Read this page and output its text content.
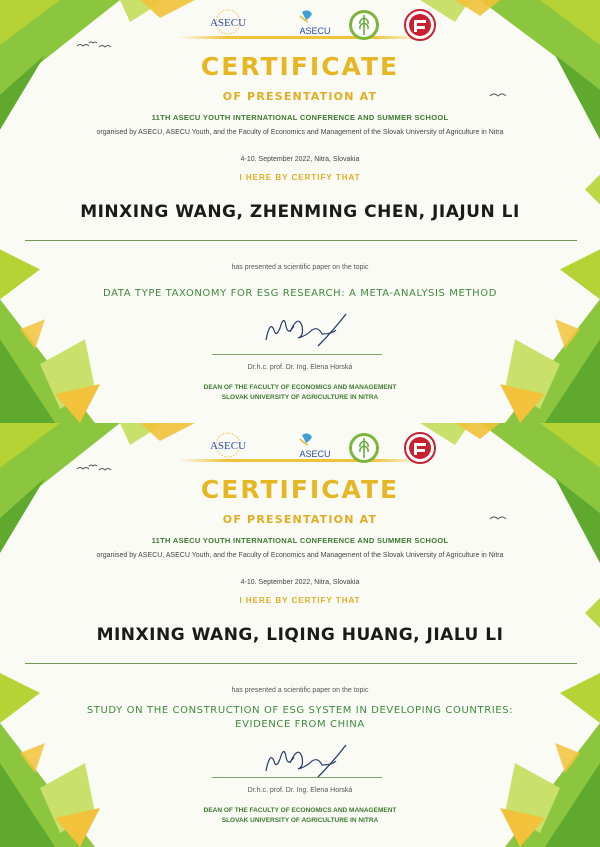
ASECU
ASECU
CERTIFICATE
OF PRESENTATION AT
11TH ASECU YOUTH INTERNATIONAL CONFERENCE AND SUMMER SCHOOL
organised by ASECU, ASECU Youth, and the Faculty of Economics and Management of the Slovak University of Agriculture in Nitra
4-10. September 2022, Nitra, Slovakia
I HERE BY CERTIFY THAT
MINXING WANG, ZHENMING CHEN, JIAJUN LI
has presented a scientific paper on the topic
DATA TYPE TAXONOMY FOR ESG RESEARCH: A META-ANALYSIS METHOD
Dr.h.c. prof. Dr. Ing. Elena Horská
DEAN OF THE FACULTY OF ECONOMICS AND MANAGEMENT
SLOVAK UNIVERSITY OF AGRICULTURE IN NITRA
ASECU
ASECU
CERTIFICATE
OF PRESENTATION AT
11TH ASECU YOUTH INTERNATIONAL CONFERENCE AND SUMMER SCHOOL
organised by ASECU, ASECU Youth, and the Faculty of Economics and Management of the Slovak University of Agriculture in Nitra
4-10. September 2022, Nitra, Slovakia
I HERE BY CERTIFY THAT
MINXING WANG, LIQING HUANG, JIALU LI
has presented a scientific paper on the topic
STUDY ON THE CONSTRUCTION OF ESG SYSTEM IN DEVELOPING COUNTRIES: EVIDENCE FROM CHINA
Dr.h.c. prof. Dr. Ing. Elena Horská
DEAN OF THE FACULTY OF ECONOMICS AND MANAGEMENT
SLOVAK UNIVERSITY OF AGRICULTURE IN NITRA
